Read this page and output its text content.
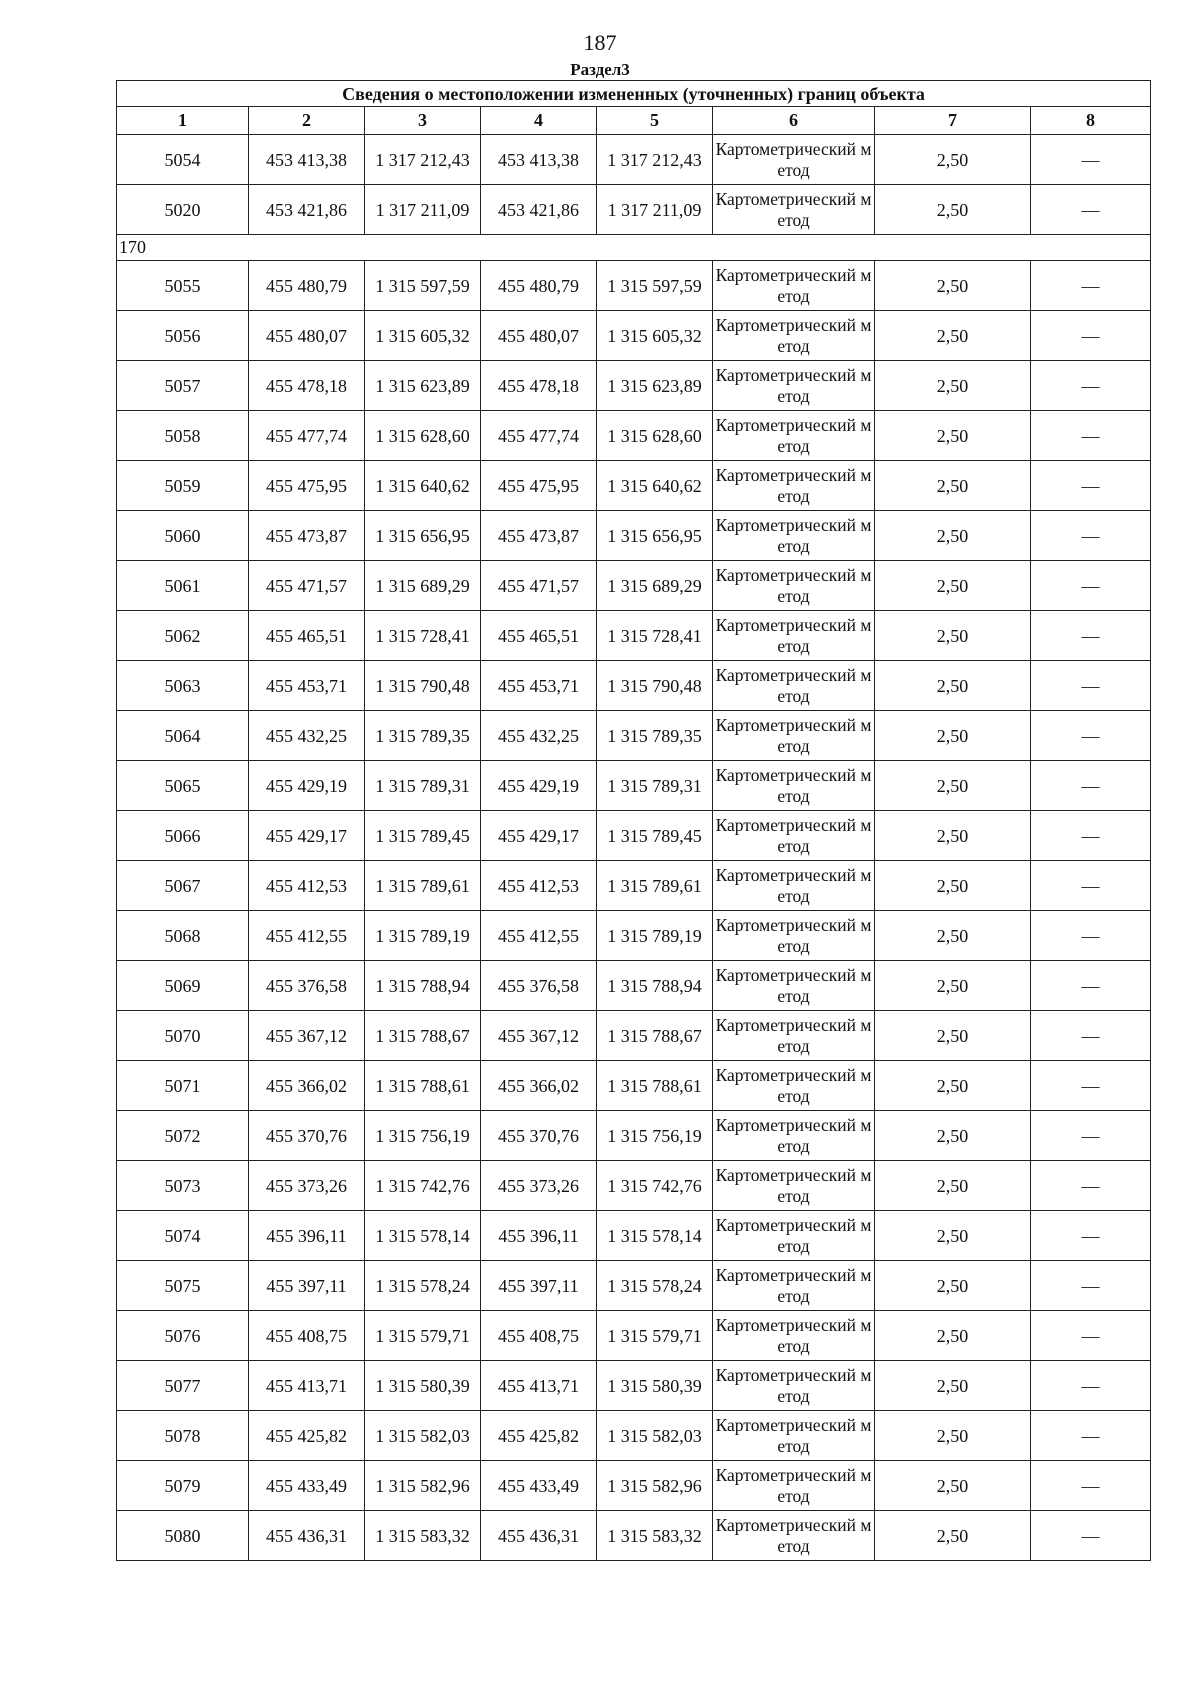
187
Раздел3
Сведения о местоположении измененных (уточненных) границ объекта							
1	2	3	4	5	6	7	8
5054	453 413,38	1 317 212,43	453 413,38	1 317 212,43	Картометрический метод	2,50	—
5020	453 421,86	1 317 211,09	453 421,86	1 317 211,09	Картометрический метод	2,50	—
170							
5055	455 480,79	1 315 597,59	455 480,79	1 315 597,59	Картометрический метод	2,50	—
5056	455 480,07	1 315 605,32	455 480,07	1 315 605,32	Картометрический метод	2,50	—
5057	455 478,18	1 315 623,89	455 478,18	1 315 623,89	Картометрический метод	2,50	—
5058	455 477,74	1 315 628,60	455 477,74	1 315 628,60	Картометрический метод	2,50	—
5059	455 475,95	1 315 640,62	455 475,95	1 315 640,62	Картометрический метод	2,50	—
5060	455 473,87	1 315 656,95	455 473,87	1 315 656,95	Картометрический метод	2,50	—
5061	455 471,57	1 315 689,29	455 471,57	1 315 689,29	Картометрический метод	2,50	—
5062	455 465,51	1 315 728,41	455 465,51	1 315 728,41	Картометрический метод	2,50	—
5063	455 453,71	1 315 790,48	455 453,71	1 315 790,48	Картометрический метод	2,50	—
5064	455 432,25	1 315 789,35	455 432,25	1 315 789,35	Картометрический метод	2,50	—
5065	455 429,19	1 315 789,31	455 429,19	1 315 789,31	Картометрический метод	2,50	—
5066	455 429,17	1 315 789,45	455 429,17	1 315 789,45	Картометрический метод	2,50	—
5067	455 412,53	1 315 789,61	455 412,53	1 315 789,61	Картометрический метод	2,50	—
5068	455 412,55	1 315 789,19	455 412,55	1 315 789,19	Картометрический метод	2,50	—
5069	455 376,58	1 315 788,94	455 376,58	1 315 788,94	Картометрический метод	2,50	—
5070	455 367,12	1 315 788,67	455 367,12	1 315 788,67	Картометрический метод	2,50	—
5071	455 366,02	1 315 788,61	455 366,02	1 315 788,61	Картометрический метод	2,50	—
5072	455 370,76	1 315 756,19	455 370,76	1 315 756,19	Картометрический метод	2,50	—
5073	455 373,26	1 315 742,76	455 373,26	1 315 742,76	Картометрический метод	2,50	—
5074	455 396,11	1 315 578,14	455 396,11	1 315 578,14	Картометрический метод	2,50	—
5075	455 397,11	1 315 578,24	455 397,11	1 315 578,24	Картометрический метод	2,50	—
5076	455 408,75	1 315 579,71	455 408,75	1 315 579,71	Картометрический метод	2,50	—
5077	455 413,71	1 315 580,39	455 413,71	1 315 580,39	Картометрический метод	2,50	—
5078	455 425,82	1 315 582,03	455 425,82	1 315 582,03	Картометрический метод	2,50	—
5079	455 433,49	1 315 582,96	455 433,49	1 315 582,96	Картометрический метод	2,50	—
5080	455 436,31	1 315 583,32	455 436,31	1 315 583,32	Картометрический метод	2,50	—
